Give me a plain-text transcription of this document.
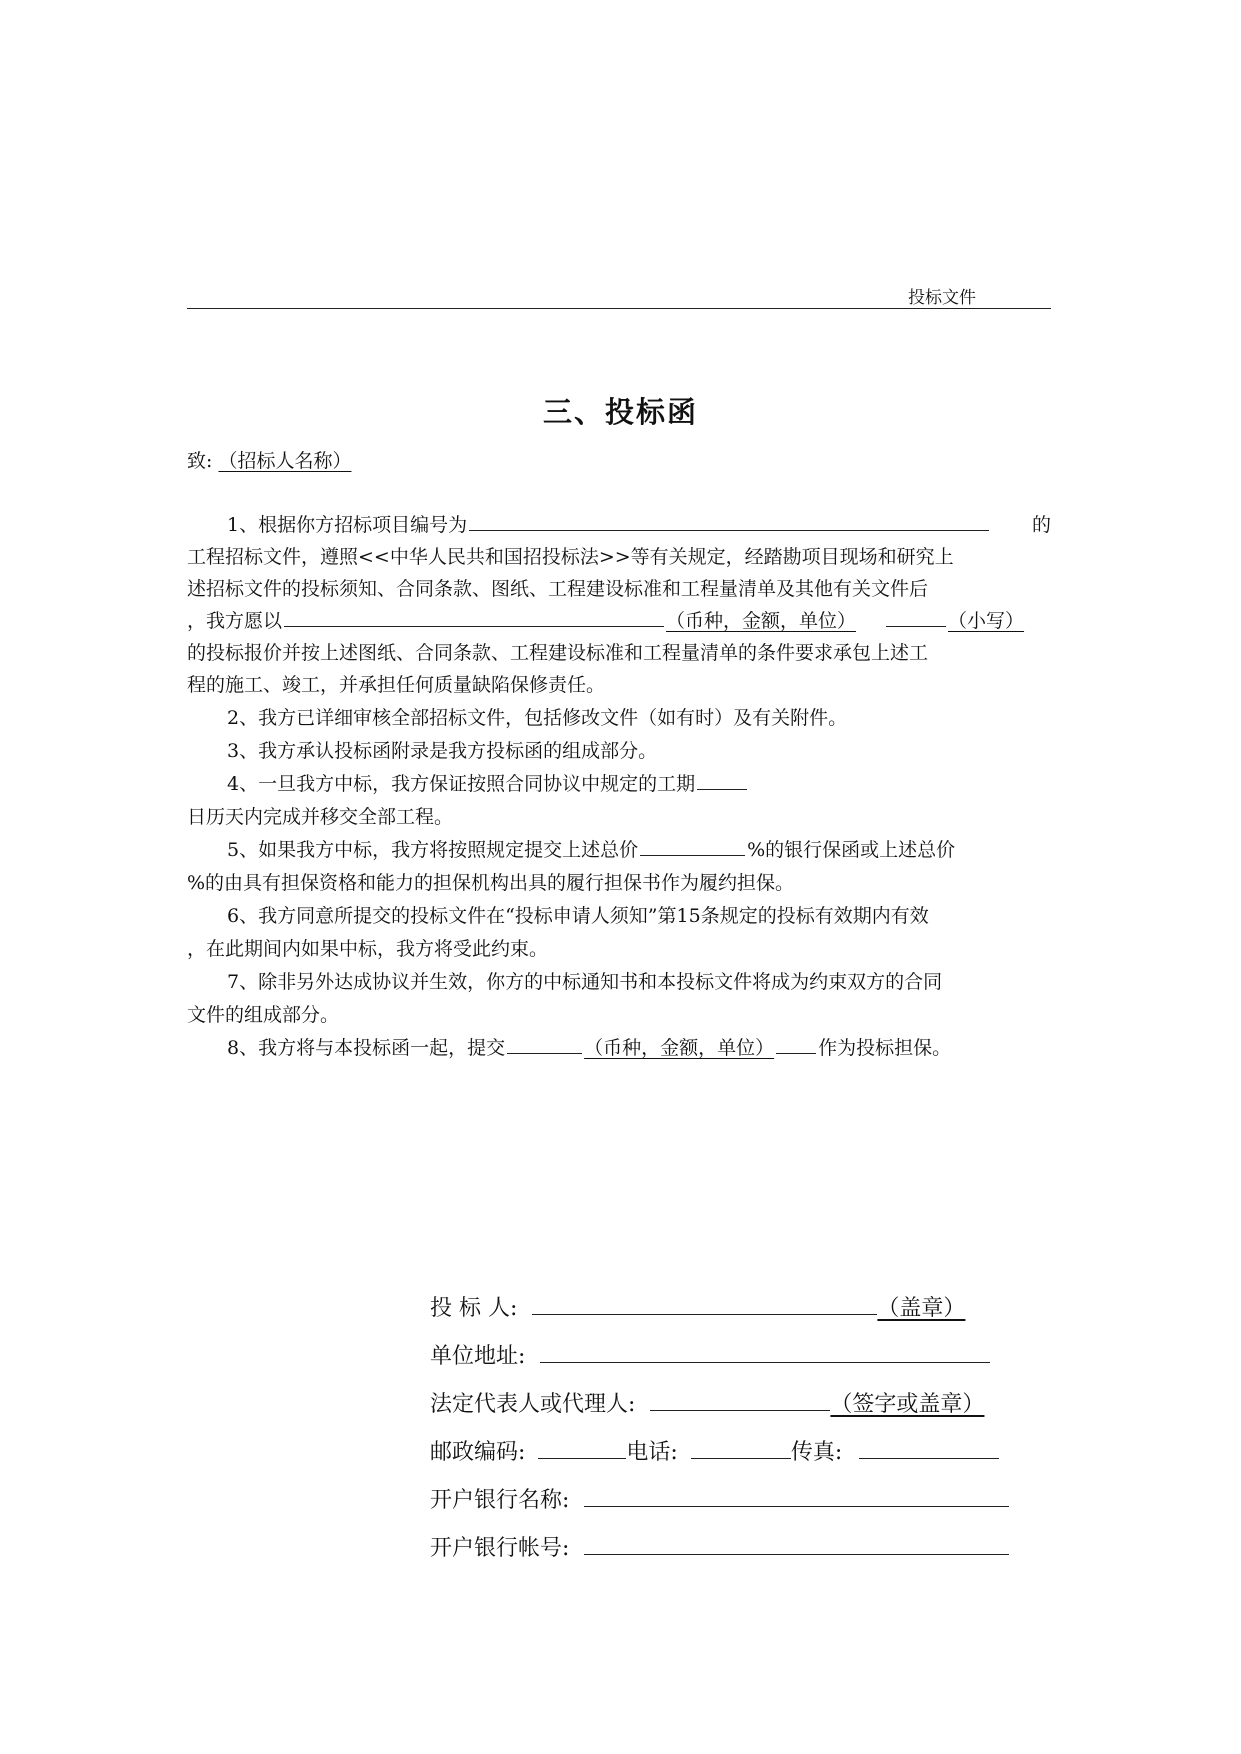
投标文件
三、投标函
致: （招标人名称）
1、根据你方招标项目编号为	的
工程招标文件，遵照<<中华人民共和国招投标法>>等有关规定，经踏勘项目现场和研究上
述招标文件的投标须知、合同条款、图纸、工程建设标准和工程量清单及其他有关文件后
，我方愿以	（币种，金额，单位）	（小写）
的投标报价并按上述图纸、合同条款、工程建设标准和工程量清单的条件要求承包上述工
程的施工、竣工，并承担任何质量缺陷保修责任。
2、我方已详细审核全部招标文件，包括修改文件（如有时）及有关附件。
3、我方承认投标函附录是我方投标函的组成部分。
4、一旦我方中标，我方保证按照合同协议中规定的工期
日历天内完成并移交全部工程。
5、如果我方中标，我方将按照规定提交上述总价	%的银行保函或上述总价
%的由具有担保资格和能力的担保机构出具的履行担保书作为履约担保。
6、我方同意所提交的投标文件在“投标申请人须知”第15条规定的投标有效期内有效
，在此期间内如果中标，我方将受此约束。
7、除非另外达成协议并生效，你方的中标通知书和本投标文件将成为约束双方的合同
文件的组成部分。
8、我方将与本投标函一起，提交	（币种，金额，单位） 作为投标担保。
投 标 人:	（盖章）
单位地址:
法定代表人或代理人:	（签字或盖章）
邮政编码:	电话:	传真:
开户银行名称:
开户银行帐号:
